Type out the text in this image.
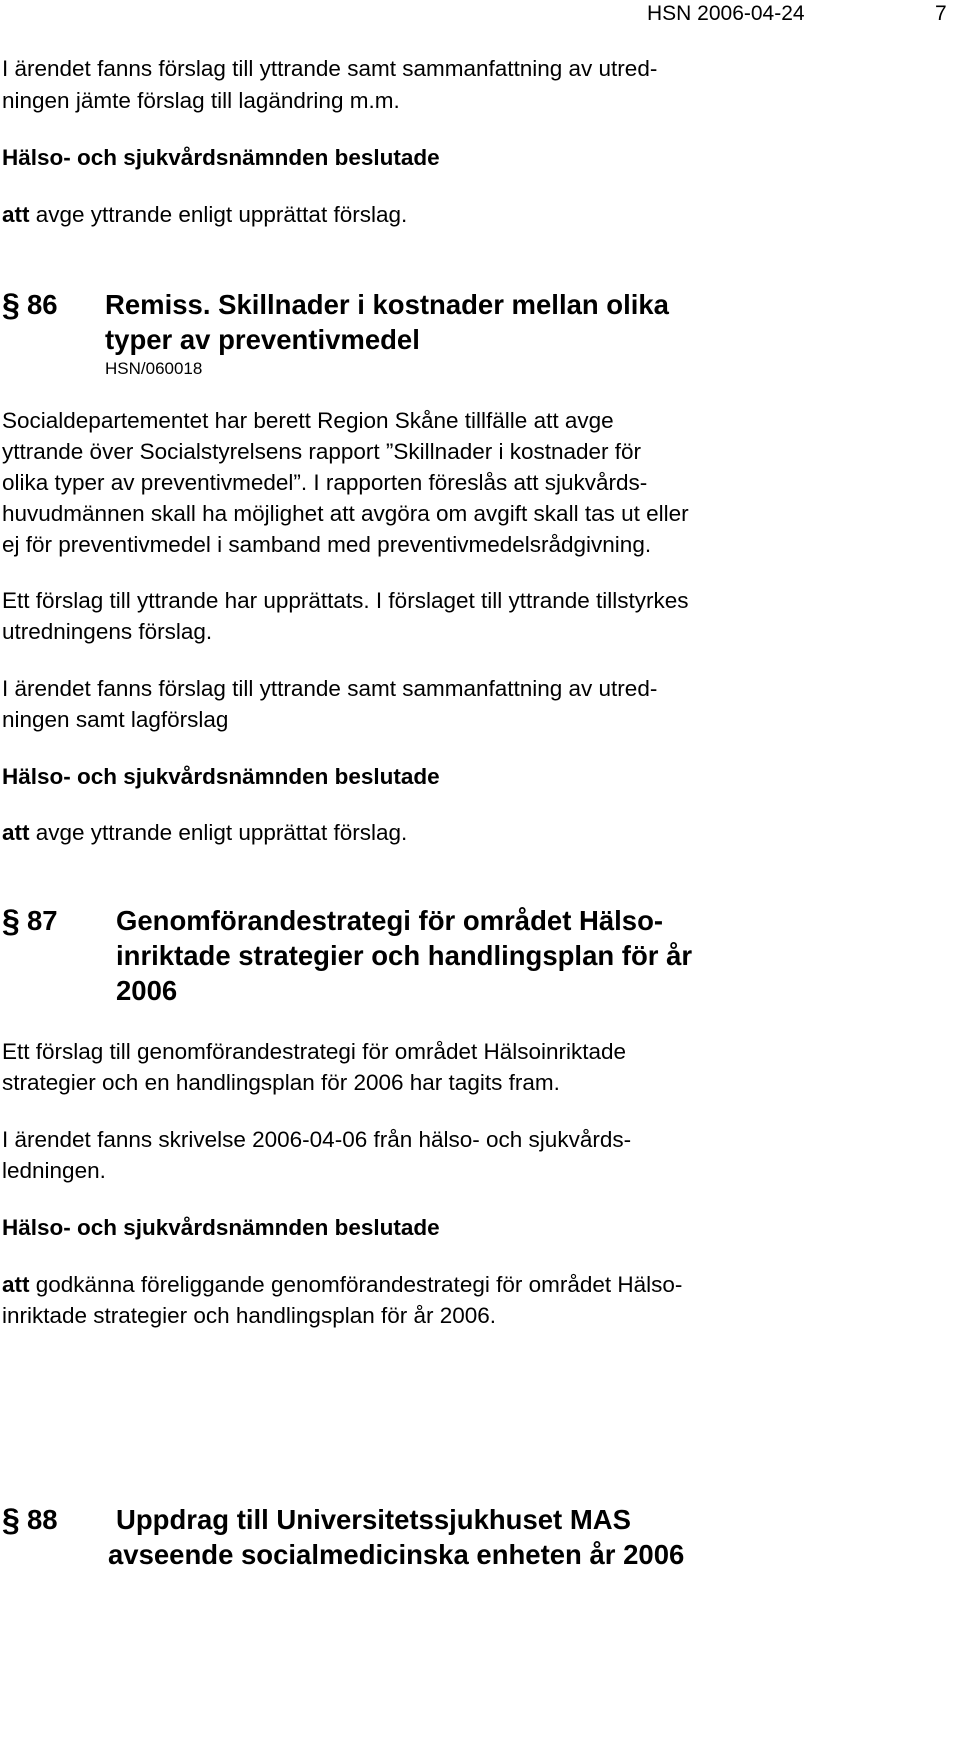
HSN 2006-04-24	7
I ärendet fanns förslag till yttrande samt sammanfattning av utred-
ningen jämte förslag till lagändring m.m.
Hälso- och sjukvårdsnämnden beslutade
att avge yttrande enligt upprättat förslag.
§ 86 Remiss. Skillnader i kostnader mellan olika
typer av preventivmedel
HSN/060018
Socialdepartementet har berett Region Skåne tillfälle att avge
yttrande över Socialstyrelsens rapport ”Skillnader i kostnader för
olika typer av preventivmedel”. I rapporten föreslås att sjukvårds-
huvudmännen skall ha möjlighet att avgöra om avgift skall tas ut eller
ej för preventivmedel i samband med preventivmedelsrådgivning.
Ett förslag till yttrande har upprättats. I förslaget till yttrande tillstyrkes
utredningens förslag.
I ärendet fanns förslag till yttrande samt sammanfattning av utred-
ningen samt lagförslag
Hälso- och sjukvårdsnämnden beslutade
att avge yttrande enligt upprättat förslag.
§ 87 Genomförandestrategi för området Hälso-
inriktade strategier och handlingsplan för år
2006
Ett förslag till genomförandestrategi för området Hälsoinriktade
strategier och en handlingsplan för 2006 har tagits fram.
I ärendet fanns skrivelse 2006-04-06 från hälso- och sjukvårds-
ledningen.
Hälso- och sjukvårdsnämnden beslutade
att godkänna föreliggande genomförandestrategi för området Hälso-
inriktade strategier och handlingsplan för år 2006.
§ 88 Uppdrag till Universitetssjukhuset MAS
avseende socialmedicinska enheten år 2006
